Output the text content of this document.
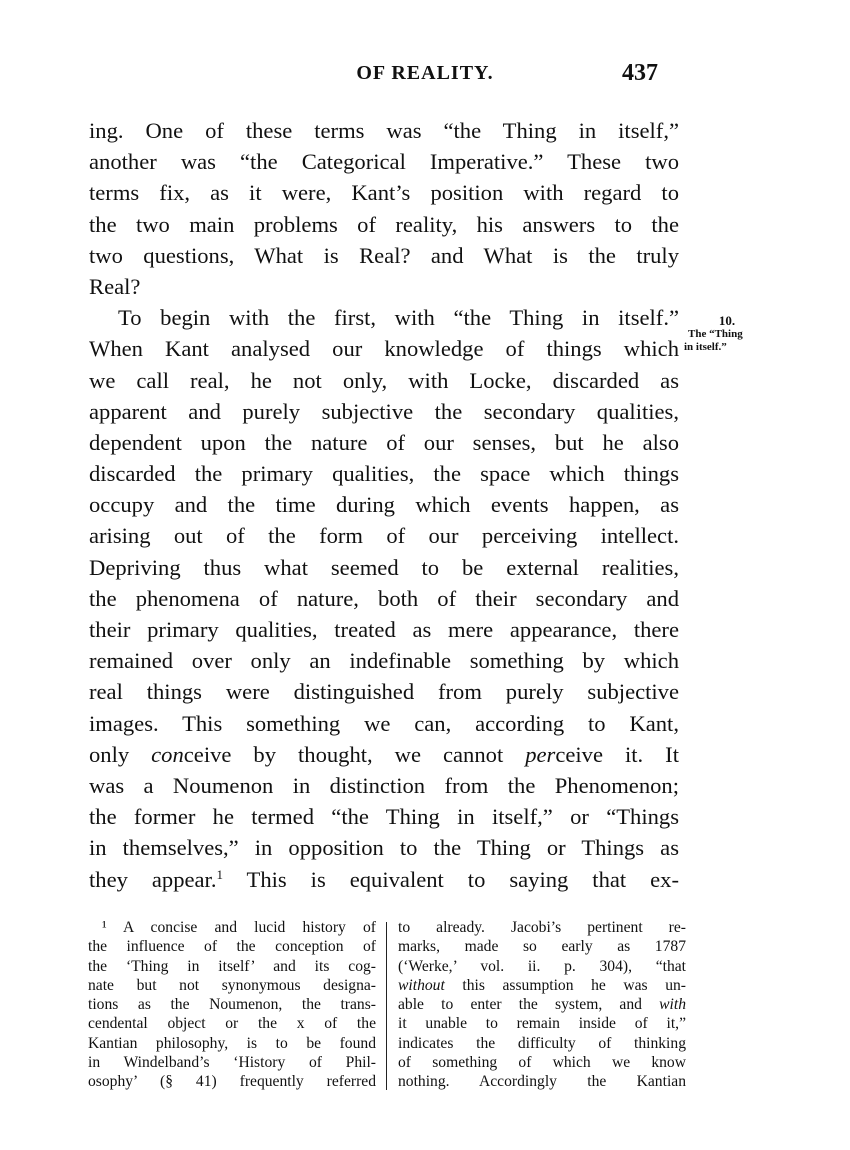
OF REALITY.	437
ing. One of these terms was “the Thing in itself,”
another was “the Categorical Imperative.” These two
terms fix, as it were, Kant’s position with regard to
the two main problems of reality, his answers to the
two questions, What is Real? and What is the truly
Real?
To begin with the first, with “the Thing in itself.”
When Kant analysed our knowledge of things which
we call real, he not only, with Locke, discarded as
apparent and purely subjective the secondary qualities,
dependent upon the nature of our senses, but he also
discarded the primary qualities, the space which things
occupy and the time during which events happen, as
arising out of the form of our perceiving intellect.
Depriving thus what seemed to be external realities,
the phenomena of nature, both of their secondary and
their primary qualities, treated as mere appearance, there
remained over only an indefinable something by which
real things were distinguished from purely subjective
images. This something we can, according to Kant,
only conceive by thought, we cannot perceive it. It
was a Noumenon in distinction from the Phenomenon;
the former he termed “the Thing in itself,” or “Things
in themselves,” in opposition to the Thing or Things as
they appear.$^1$ This is equivalent to saying that ex-
10.
The “Thing
in itself.”
¹ A concise and lucid history of
the influence of the conception of
the ‘Thing in itself’ and its cog-
nate but not synonymous designa-
tions as the Noumenon, the trans-
cendental object or the x of the
Kantian philosophy, is to be found
in Windelband’s ‘History of Phil-
osophy’ (§ 41) frequently referred
to already. Jacobi’s pertinent re-
marks, made so early as 1787
(‘Werke,’ vol. ii. p. 304), “that
without this assumption he was un-
able to enter the system, and with
it unable to remain inside of it,”
indicates the difficulty of thinking
of something of which we know
nothing. Accordingly the Kantian
